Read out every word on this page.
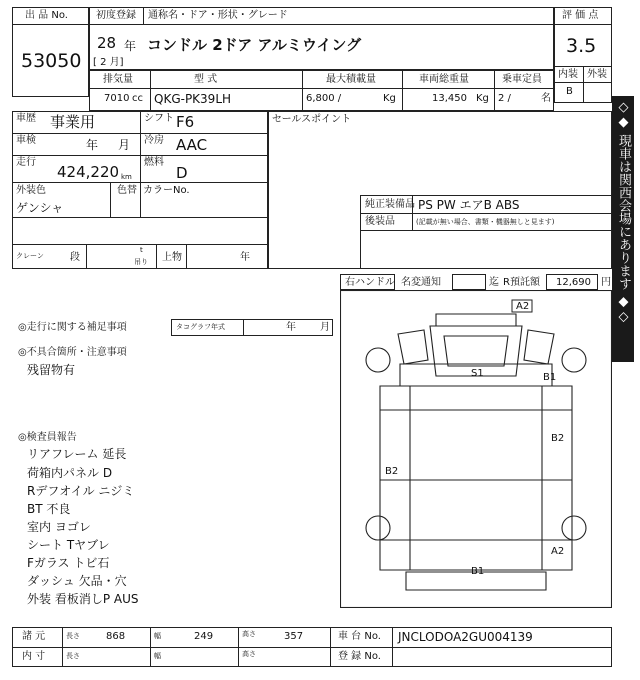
出 品 No.
53050
初度登録 通称名・ドア・形状・グレード
28 年
[ 2 月]
コンドル 2ドア アルミウイング
評 価 点
3.5
内装 外装
B
排気量	型 式	最大積載量	車両総重量	乗車定員
7010 cc QKG-PK39LH	6,800 /	Kg	13,450 Kg 2 /	名
車歴 事業用	シフト F6
車検	年 月 冷房 AAC
走行
424,220 km
燃料
D
外装色
ゲンシャ
色替 カラーNo.
クレーン	段
t
吊り 上物	年
セールスポイント
純正装備品 PS PW エアB ABS
後装品	(記載が無い場合、書類・機器無しと見ます)
右ハンドル 名変通知	迄 R預託額 12,690 円 ◇◆ 現車は関西会場にあります ◆◇
◎走行に関する補足事項	タコグラフ年式	年 月
◎不具合箇所・注意事項
残留物有
◎検査員報告
リアフレーム 延長
荷箱内パネル D
Rデフオイル ニジミ
BT 不良
室内 ヨゴレ
シート Tヤブレ
Fガラス トビ石
ダッシュ 欠品・穴
外装 看板消しP AUS
A2
S1	B1
B2
B2
A2
B1
諸 元	長さ	868	幅	249	高さ	357	車 台 No. JNCLODOA2GU004139
内 寸	長さ	幅	高さ	登 録 No.
